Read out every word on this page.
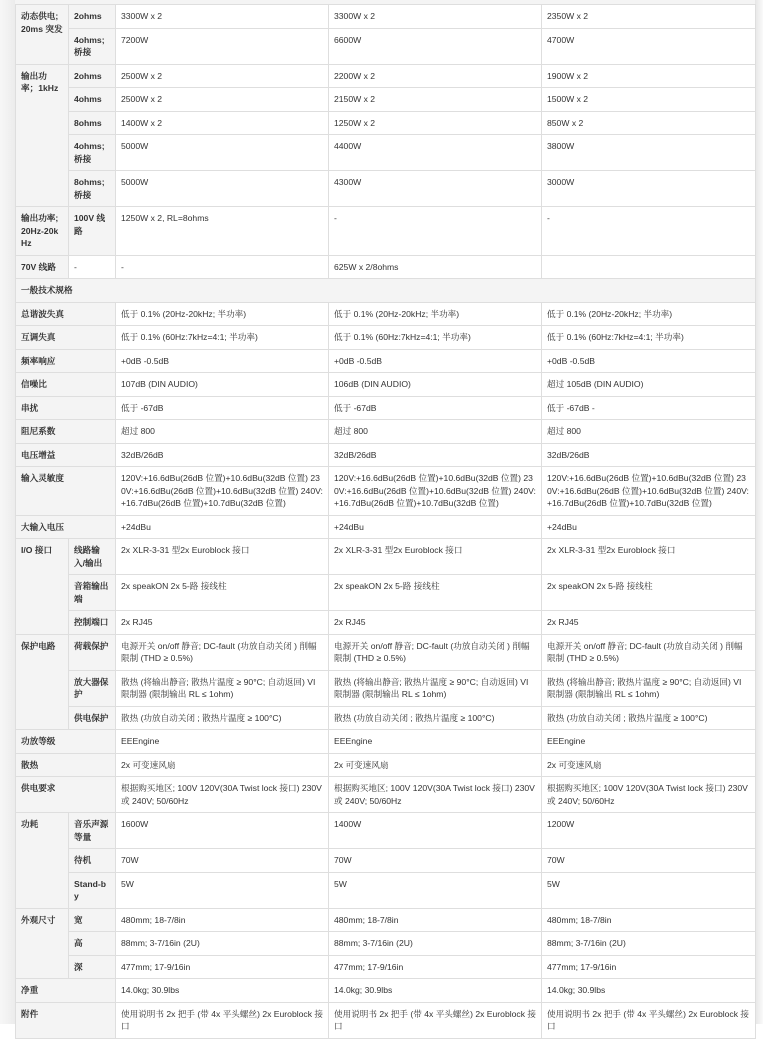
动态供电; 20ms 突发	2ohms	3300W x 2	3300W x 2	2350W x 2
	4ohms; 桥接	7200W	6600W	4700W
输出功率；1kHz	2ohms	2500W x 2	2200W x 2	1900W x 2
	4ohms	2500W x 2	2150W x 2	1500W x 2
	8ohms	1400W x 2	1250W x 2	850W x 2
	4ohms; 桥接	5000W	4400W	3800W
	8ohms; 桥接	5000W	4300W	3000W
输出功率; 20Hz-20kHz	100V 线路	1250W x 2, RL=8ohms	-	-
70V 线路	-	-	625W x 2/8ohms	
一般技术规格				
总谐波失真		低于 0.1% (20Hz-20kHz; 半功率)	低于 0.1% (20Hz-20kHz; 半功率)	低于 0.1% (20Hz-20kHz; 半功率)
互调失真		低于 0.1% (60Hz:7kHz=4:1; 半功率)	低于 0.1% (60Hz:7kHz=4:1; 半功率)	低于 0.1% (60Hz:7kHz=4:1; 半功率)
频率响应		+0dB -0.5dB	+0dB -0.5dB	+0dB -0.5dB
信噪比		107dB (DIN AUDIO)	106dB (DIN AUDIO)	超过 105dB (DIN AUDIO)
串扰		低于 -67dB	低于 -67dB	低于 -67dB -
阻尼系数		超过 800	超过 800	超过 800
电压增益		32dB/26dB	32dB/26dB	32dB/26dB
输入灵敏度		120V:+16.6dBu(26dB 位置)+10.6dBu(32dB 位置) 230V:+16.6dBu(26dB 位置)+10.6dBu(32dB 位置) 240V:+16.7dBu(26dB 位置)+10.7dBu(32dB 位置)	120V:+16.6dBu(26dB 位置)+10.6dBu(32dB 位置) 230V:+16.6dBu(26dB 位置)+10.6dBu(32dB 位置) 240V:+16.7dBu(26dB 位置)+10.7dBu(32dB 位置)	120V:+16.6dBu(26dB 位置)+10.6dBu(32dB 位置) 230V:+16.6dBu(26dB 位置)+10.6dBu(32dB 位置) 240V:+16.7dBu(26dB 位置)+10.7dBu(32dB 位置)
大输入电压		+24dBu	+24dBu	+24dBu
I/O 接口	线路输入/输出	2x XLR-3-31 型2x Euroblock 接口	2x XLR-3-31 型2x Euroblock 接口	2x XLR-3-31 型2x Euroblock 接口
	音箱输出端	2x speakON 2x 5-路 接线柱	2x speakON 2x 5-路 接线柱	2x speakON 2x 5-路 接线柱
	控制端口	2x RJ45	2x RJ45	2x RJ45
保护电路	荷载保护	电源开关 on/off 静音; DC-fault (功放自动关闭 ) 削幅限制 (THD ≥ 0.5%)	电源开关 on/off 静音; DC-fault (功放自动关闭 ) 削幅限制 (THD ≥ 0.5%)	电源开关 on/off 静音; DC-fault (功放自动关闭 ) 削幅限制 (THD ≥ 0.5%)
	放大器保护	散热 (将输出静音; 散热片温度 ≥ 90°C; 自动返回) VI 限制器 (限制输出 RL ≤ 1ohm)	散热 (将输出静音; 散热片温度 ≥ 90°C; 自动返回) VI 限制器 (限制输出 RL ≤ 1ohm)	散热 (将输出静音; 散热片温度 ≥ 90°C; 自动返回) VI 限制器 (限制输出 RL ≤ 1ohm)
	供电保护	散热 (功放自动关闭 ; 散热片温度 ≥ 100°C)	散热 (功放自动关闭 ; 散热片温度 ≥ 100°C)	散热 (功放自动关闭 ; 散热片温度 ≥ 100°C)
功放等级		EEEngine	EEEngine	EEEngine
散热		2x 可变速风扇	2x 可变速风扇	2x 可变速风扇
供电要求		根据购买地区; 100V 120V(30A Twist lock 接口) 230V 或 240V; 50/60Hz	根据购买地区; 100V 120V(30A Twist lock 接口) 230V 或 240V; 50/60Hz	根据购买地区; 100V 120V(30A Twist lock 接口) 230V 或 240V; 50/60Hz
功耗	音乐声源等量	1600W	1400W	1200W
	待机	70W	70W	70W
	Stand-by	5W	5W	5W
外观尺寸	宽	480mm; 18-7/8in	480mm; 18-7/8in	480mm; 18-7/8in
	高	88mm; 3-7/16in (2U)	88mm; 3-7/16in (2U)	88mm; 3-7/16in (2U)
	深	477mm; 17-9/16in	477mm; 17-9/16in	477mm; 17-9/16in
净重		14.0kg; 30.9lbs	14.0kg; 30.9lbs	14.0kg; 30.9lbs
附件		使用说明书 2x 把手 (带 4x 平头螺丝) 2x Euroblock 接口	使用说明书 2x 把手 (带 4x 平头螺丝) 2x Euroblock 接口	使用说明书 2x 把手 (带 4x 平头螺丝) 2x Euroblock 接口
